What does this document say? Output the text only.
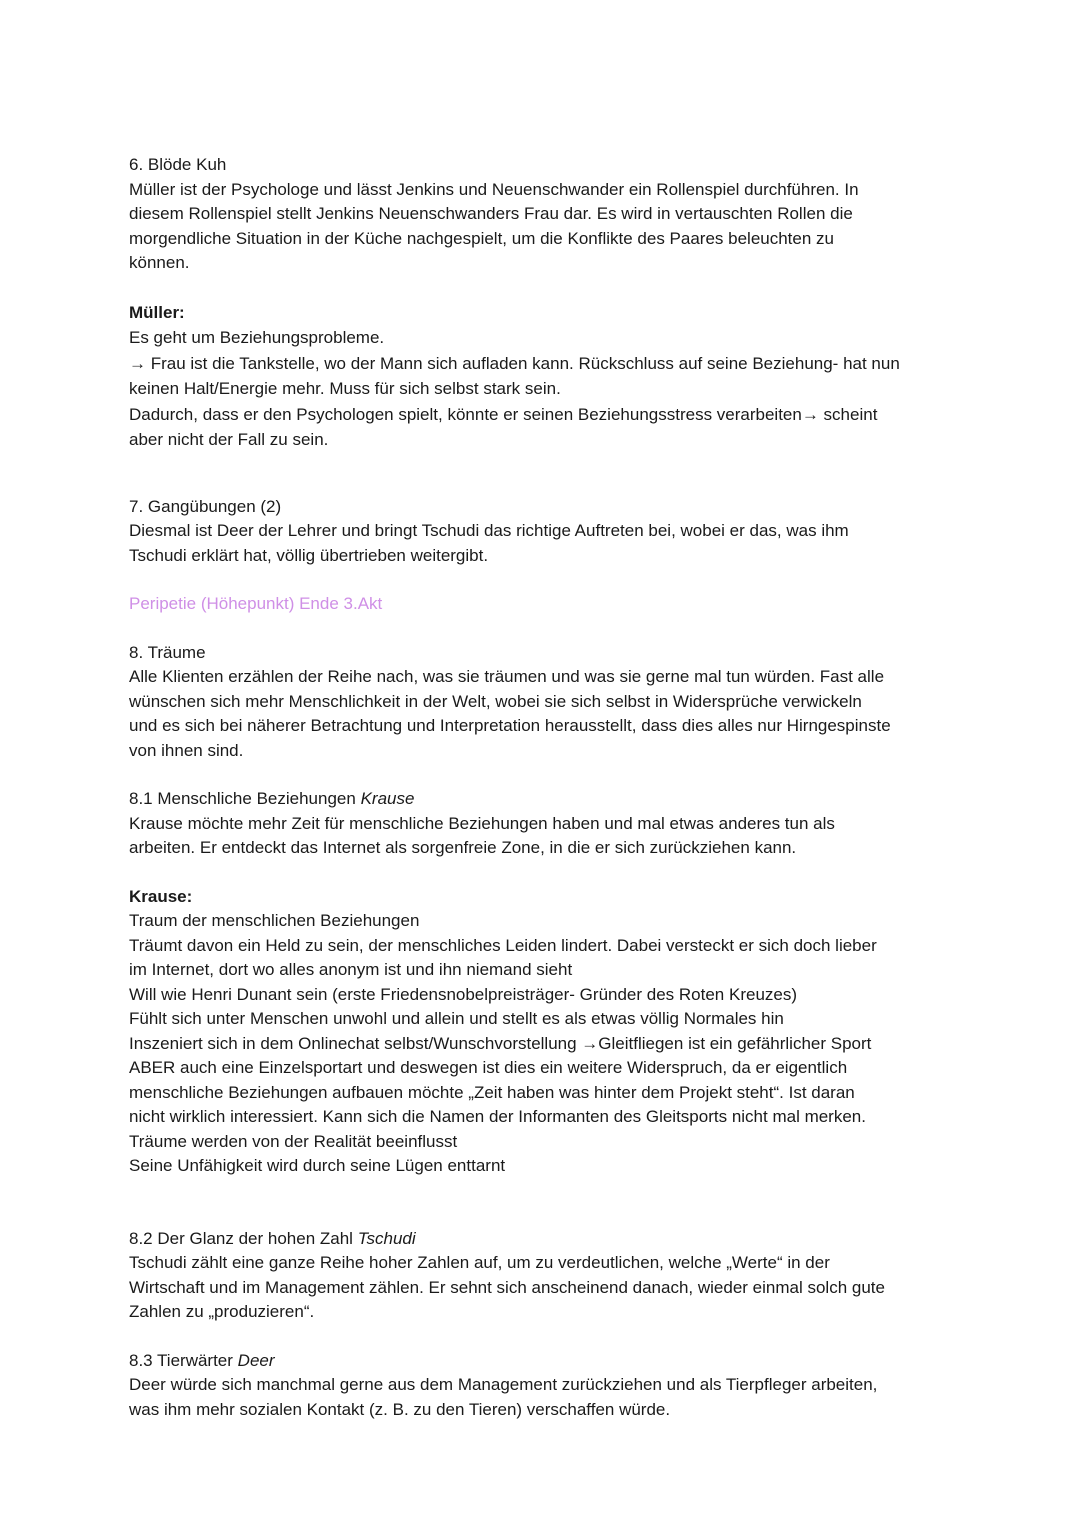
6. Blöde Kuh
Müller ist der Psychologe und lässt Jenkins und Neuenschwander ein Rollenspiel durchführen. In
diesem Rollenspiel stellt Jenkins Neuenschwanders Frau dar. Es wird in vertauschten Rollen die
morgendliche Situation in der Küche nachgespielt, um die Konflikte des Paares beleuchten zu
können.
Müller:
Es geht um Beziehungsprobleme.
→ Frau ist die Tankstelle, wo der Mann sich aufladen kann. Rückschluss auf seine Beziehung- hat nun
keinen Halt/Energie mehr. Muss für sich selbst stark sein.
Dadurch, dass er den Psychologen spielt, könnte er seinen Beziehungsstress verarbeiten→ scheint
aber nicht der Fall zu sein.
7. Gangübungen (2)
Diesmal ist Deer der Lehrer und bringt Tschudi das richtige Auftreten bei, wobei er das, was ihm
Tschudi erklärt hat, völlig übertrieben weitergibt.
Peripetie (Höhepunkt) Ende 3.Akt
8. Träume
Alle Klienten erzählen der Reihe nach, was sie träumen und was sie gerne mal tun würden. Fast alle
wünschen sich mehr Menschlichkeit in der Welt, wobei sie sich selbst in Widersprüche verwickeln
und es sich bei näherer Betrachtung und Interpretation herausstellt, dass dies alles nur Hirngespinste
von ihnen sind.
8.1 Menschliche Beziehungen Krause
Krause möchte mehr Zeit für menschliche Beziehungen haben und mal etwas anderes tun als
arbeiten. Er entdeckt das Internet als sorgenfreie Zone, in die er sich zurückziehen kann.
Krause:
Traum der menschlichen Beziehungen
Träumt davon ein Held zu sein, der menschliches Leiden lindert. Dabei versteckt er sich doch lieber
im Internet, dort wo alles anonym ist und ihn niemand sieht
Will wie Henri Dunant sein (erste Friedensnobelpreisträger- Gründer des Roten Kreuzes)
Fühlt sich unter Menschen unwohl und allein und stellt es als etwas völlig Normales hin
Inszeniert sich in dem Onlinechat selbst/Wunschvorstellung →Gleitfliegen ist ein gefährlicher Sport
ABER auch eine Einzelsportart und deswegen ist dies ein weitere Widerspruch, da er eigentlich
menschliche Beziehungen aufbauen möchte „Zeit haben was hinter dem Projekt steht“. Ist daran
nicht wirklich interessiert. Kann sich die Namen der Informanten des Gleitsports nicht mal merken.
Träume werden von der Realität beeinflusst
Seine Unfähigkeit wird durch seine Lügen enttarnt
8.2 Der Glanz der hohen Zahl Tschudi
Tschudi zählt eine ganze Reihe hoher Zahlen auf, um zu verdeutlichen, welche „Werte“ in der
Wirtschaft und im Management zählen. Er sehnt sich anscheinend danach, wieder einmal solch gute
Zahlen zu „produzieren“.
8.3 Tierwärter Deer
Deer würde sich manchmal gerne aus dem Management zurückziehen und als Tierpfleger arbeiten,
was ihm mehr sozialen Kontakt (z. B. zu den Tieren) verschaffen würde.
